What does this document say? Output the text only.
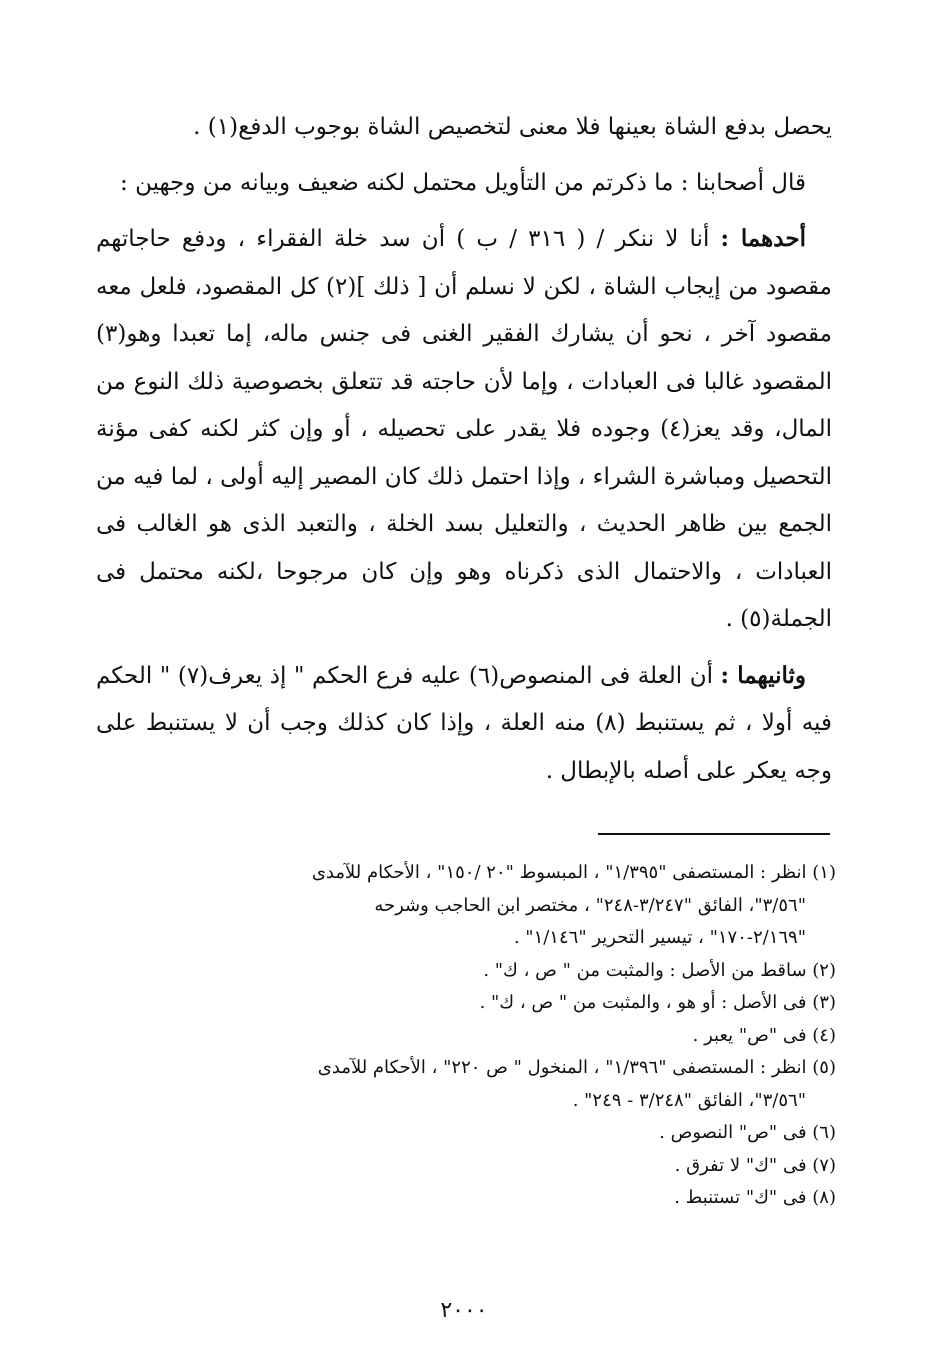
يحصل بدفع الشاة بعينها فلا معنى لتخصيص الشاة بوجوب الدفع(١) .

قال أصحابنا : ما ذكرتم من التأويل محتمل لكنه ضعيف وبيانه من وجهين :

أحدهما : أنا لا ننكر / ( ٣١٦ / ب ) أن سد خلة الفقراء ، ودفع حاجاتهم مقصود من إيجاب الشاة ، لكن لا نسلم أن [ ذلك ](٢) كل المقصود، فلعل معه مقصود آخر ، نحو أن يشارك الفقير الغنى فى جنس ماله، إما تعبدا وهو(٣) المقصود غالبا فى العبادات ، وإما لأن حاجته قد تتعلق بخصوصية ذلك النوع من المال، وقد يعز(٤) وجوده فلا يقدر على تحصيله ، أو وإن كثر لكنه كفى مؤنة التحصيل ومباشرة الشراء ، وإذا احتمل ذلك كان المصير إليه أولى ، لما فيه من الجمع بين ظاهر الحديث ، والتعليل بسد الخلة ، والتعبد الذى هو الغالب فى العبادات ، والاحتمال الذى ذكرناه وهو وإن كان مرجوحا ،لكنه محتمل فى الجملة(٥) .

وثانيهما : أن العلة فى المنصوص(٦) عليه فرع الحكم " إذ يعرف(٧) " الحكم فيه أولا ، ثم يستنبط (٨) منه العلة ، وإذا كان كذلك وجب أن لا يستنبط على وجه يعكر على أصله بالإبطال .

(١) انظر : المستصفى "١/٣٩٥" ، المبسوط "٢٠ /١٥٠" ، الأحكام للآمدى

"٣/٥٦"، الفائق "٣/٢٤٧-٢٤٨" ، مختصر ابن الحاجب وشرحه

"٢/١٦٩-١٧٠" ، تيسير التحرير "١/١٤٦" .

(٢) ساقط من الأصل : والمثبت من " ص ، ك" .

(٣) فى الأصل : أو هو ، والمثبت من " ص ، ك" .

(٤) فى "ص" يعبر .

(٥) انظر : المستصفى "١/٣٩٦" ، المنخول " ص ٢٢٠" ، الأحكام للآمدى

"٣/٥٦"، الفائق "٣/٢٤٨ - ٢٤٩" .

(٦) فى "ص" النصوص .

(٧) فى "ك" لا تفرق .

(٨) فى "ك" تستنبط .

٢٠٠٠
